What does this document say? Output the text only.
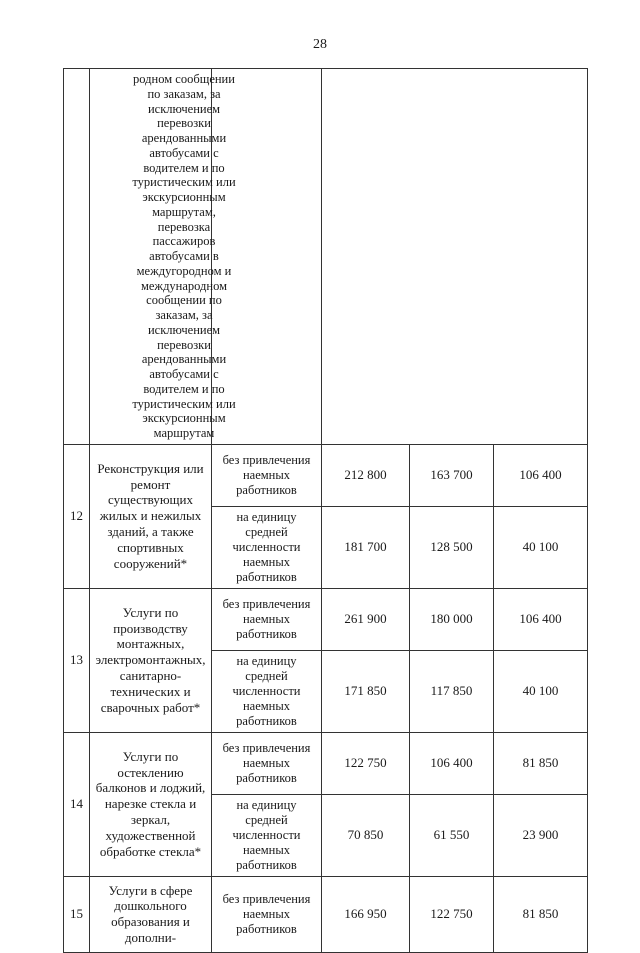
28

	родном сообщении по заказам, за исключением перевозки арендованными автобусами с водителем и по туристическим или экскурсионным маршрутам, перевозка пассажиров автобусами в междугородном и международном сообщении по заказам, за исключением перевозки арендованными автобусами с водителем и по туристическим или экскурсионным маршрутам				

12	Реконструкция или ремонт существующих жилых и нежилых зданий, а также спортивных сооружений*	без привлечения наемных работников	212 800	163 700	106 400
		на единицу средней численности наемных работников	181 700	128 500	40 100
13	Услуги по производству монтажных, электромонтажных, санитарно-технических и сварочных работ*	без привлечения наемных работников	261 900	180 000	106 400
		на единицу средней численности наемных работников	171 850	117 850	40 100
14	Услуги по остеклению балконов и лоджий, нарезке стекла и зеркал, художественной обработке стекла*	без привлечения наемных работников	122 750	106 400	81 850
		на единицу средней численности наемных работников	70 850	61 550	23 900
15	Услуги в сфере дошкольного образования и дополни-	без привлечения наемных работников	166 950	122 750	81 850
